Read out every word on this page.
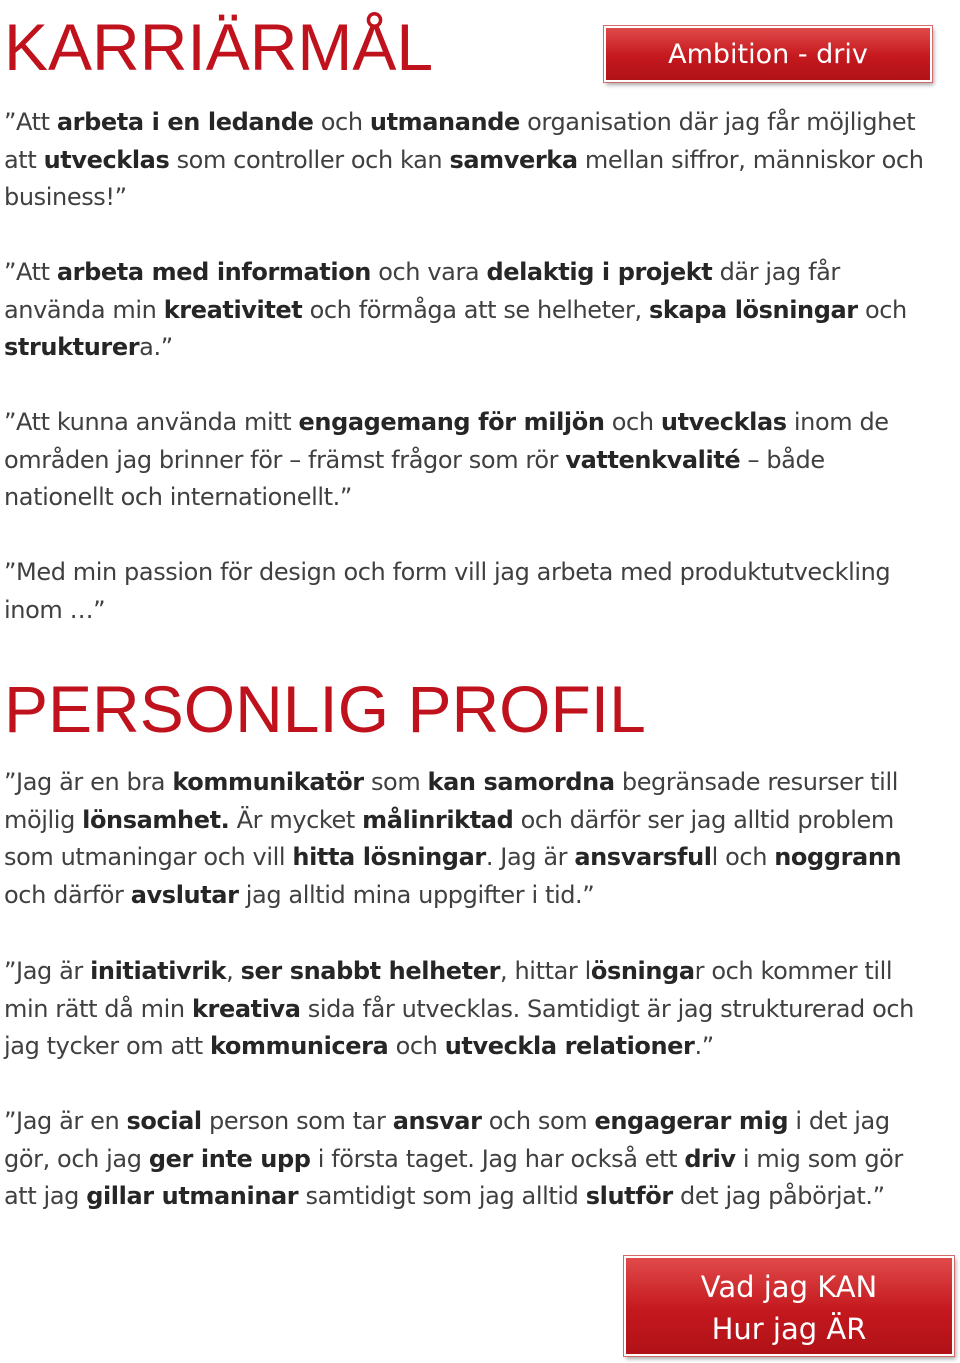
KARRIÄRMÅL	Ambition - driv

”Att arbeta i en ledande och utmanande organisation där jag får möjlighet att utvecklas som controller och kan samverka mellan siffror, människor och business!”

”Att arbeta med information och vara delaktig i projekt där jag får använda min kreativitet och förmåga att se helheter, skapa lösningar och strukturera.”

”Att kunna använda mitt engagemang för miljön och utvecklas inom de områden jag brinner för – främst frågor som rör vattenkvalité – både nationellt och internationellt.”

”Med min passion för design och form vill jag arbeta med produktutveckling inom …”

PERSONLIG PROFIL

”Jag är en bra kommunikatör som kan samordna begränsade resurser till möjlig lönsamhet. Är mycket målinriktad och därför ser jag alltid problem som utmaningar och vill hitta lösningar. Jag är ansvarsfull och noggrann och därför avslutar jag alltid mina uppgifter i tid.”

”Jag är initiativrik, ser snabbt helheter, hittar lösningar och kommer till min rätt då min kreativa sida får utvecklas. Samtidigt är jag strukturerad och jag tycker om att kommunicera och utveckla relationer.”

”Jag är en social person som tar ansvar och som engagerar mig i det jag gör, och jag ger inte upp i första taget. Jag har också ett driv i mig som gör att jag gillar utmaninar samtidigt som jag alltid slutför det jag påbörjat.”

Vad jag KAN
Hur jag ÄR
